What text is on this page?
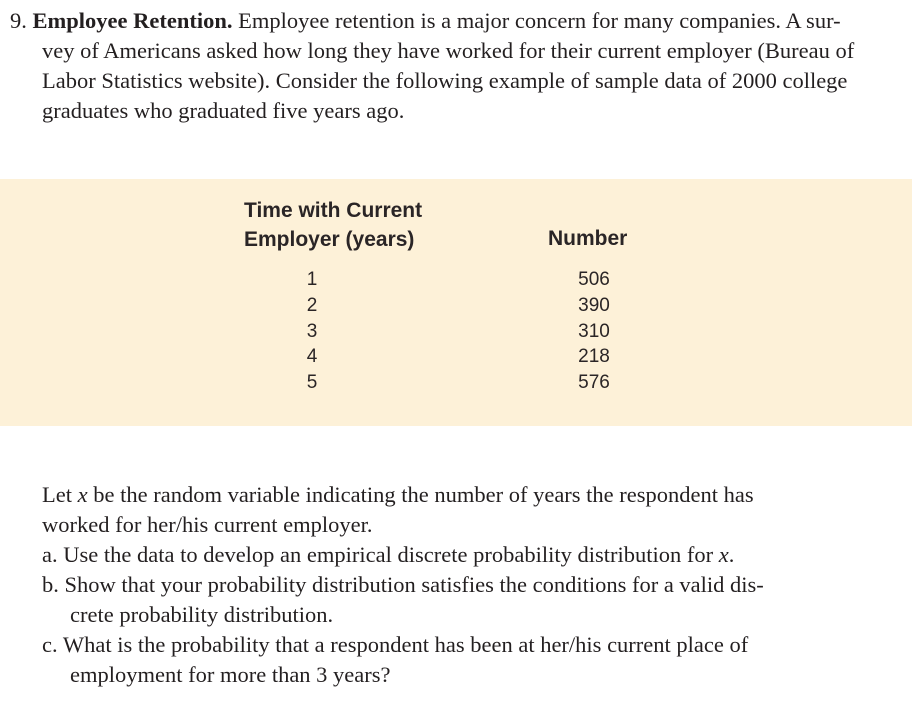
9. Employee Retention. Employee retention is a major concern for many companies. A sur-
vey of Americans asked how long they have worked for their current employer (Bureau of
Labor Statistics website). Consider the following example of sample data of 2000 college
graduates who graduated five years ago.
Time with Current
Employer (years)	Number
1	506
2	390
3	310
4	218
5	576
Let x be the random variable indicating the number of years the respondent has
worked for her/his current employer.
a. Use the data to develop an empirical discrete probability distribution for x.
b. Show that your probability distribution satisfies the conditions for a valid dis-
crete probability distribution.
c. What is the probability that a respondent has been at her/his current place of
employment for more than 3 years?
